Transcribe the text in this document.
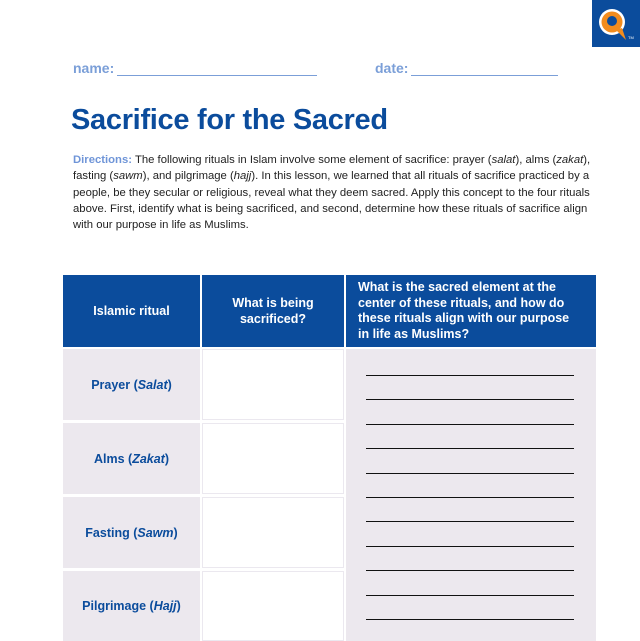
TM
name:	date:
Sacrifice for the Sacred

Directions: The following rituals in Islam involve some element of sacrifice: prayer (salat), alms (zakat), fasting (sawm), and pilgrimage (hajj). In this lesson, we learned that all rituals of sacrifice practiced by a people, be they secular or religious, reveal what they deem sacred. Apply this concept to the four rituals above. First, identify what is being sacrificed, and second, determine how these rituals of sacrifice align with our purpose in life as Muslims.

Islamic ritual
What is being sacrificed?
What is the sacred element at the center of these rituals, and how do these rituals align with our purpose in life as Muslims?
Prayer ( Salat )
Alms ( Zakat )
Fasting ( Sawm )
Pilgrimage ( Hajj )
